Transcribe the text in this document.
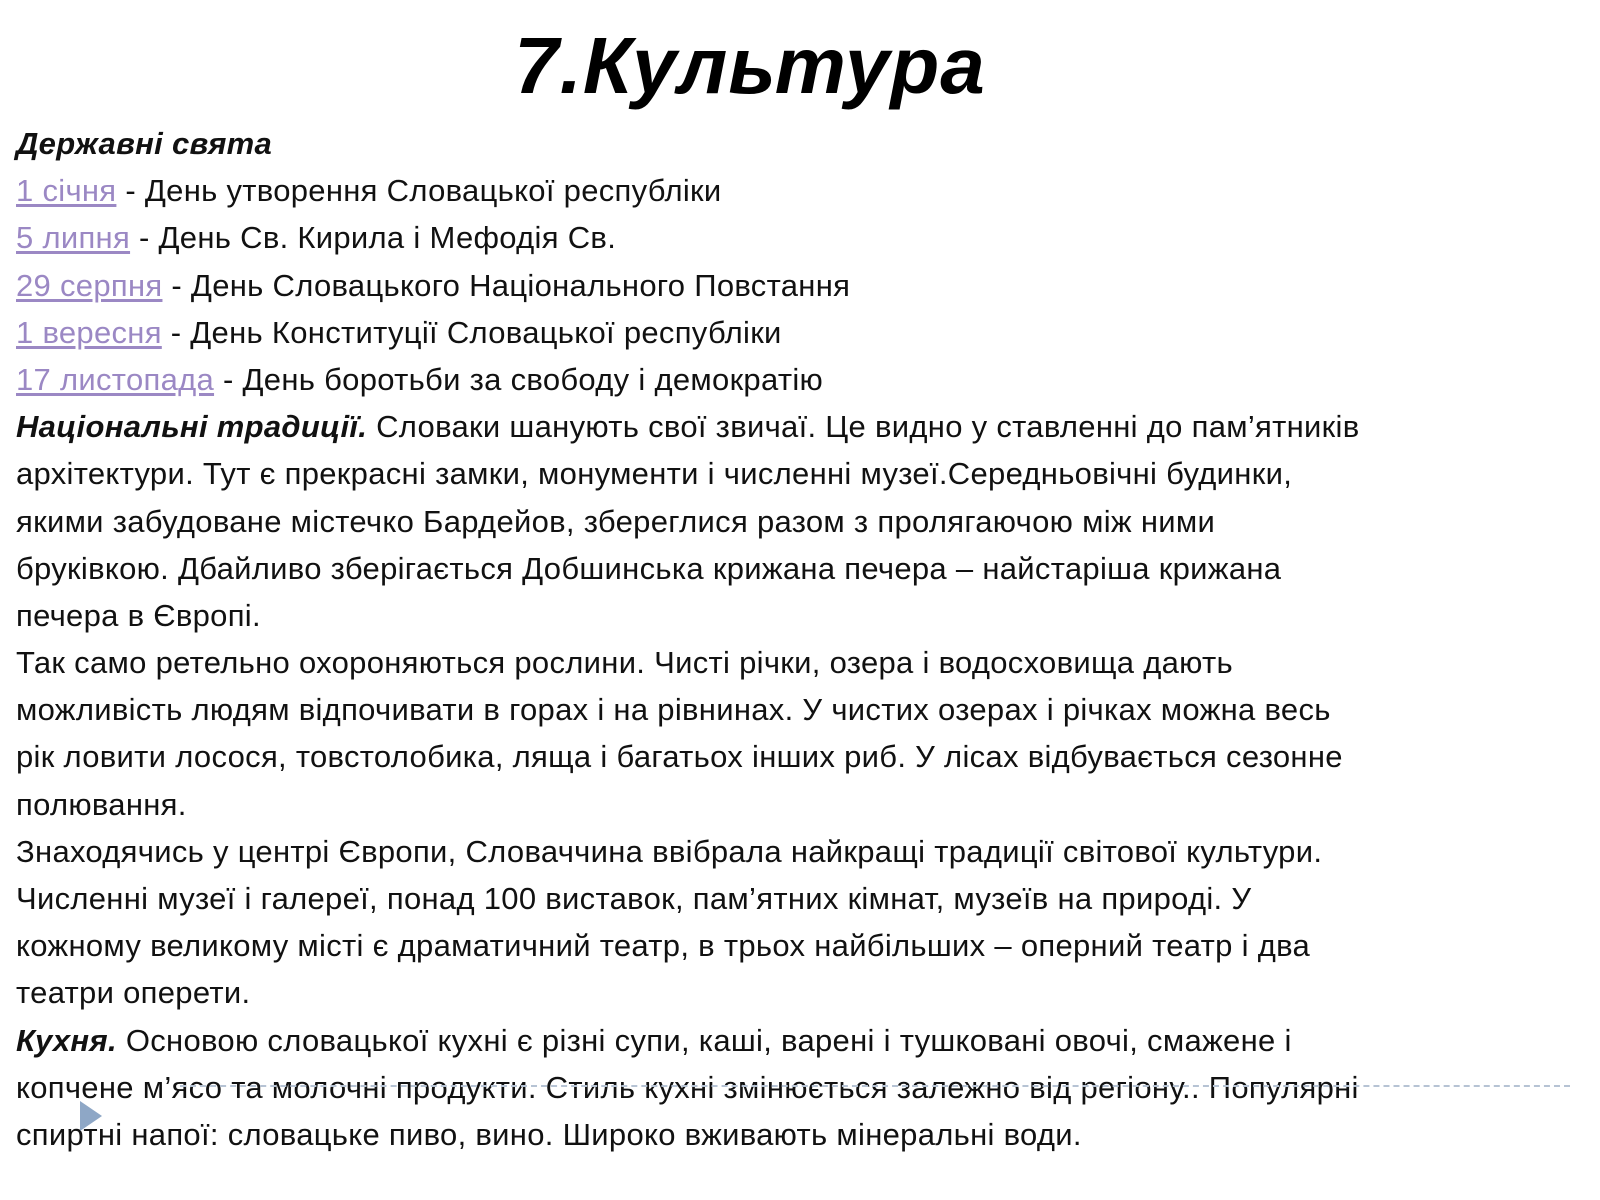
7.Культура
Державні свята
1 січня - День утворення Словацької республіки
5 липня - День Св. Кирила і Мефодія Св.
29 серпня - День Словацького Національного Повстання
1 вересня - День Конституції Словацької республіки
17 листопада - День боротьби за свободу і демократію
Національні традиції. Словаки шанують свої звичаї. Це видно у ставленні до пам’ятників
архітектури. Тут є прекрасні замки, монументи і численні музеї.Середньовічні будинки,
якими забудоване містечко Бардейов, збереглися разом з пролягаючою між ними
бруківкою. Дбайливо зберігається Добшинська крижана печера – найстаріша крижана
печера в Європі.
Так само ретельно охороняються рослини. Чисті річки, озера і водосховища дають
можливість людям відпочивати в горах і на рівнинах. У чистих озерах і річках можна весь
рік ловити лосося, товстолобика, ляща і багатьох інших риб. У лісах відбувається сезонне
полювання.
Знаходячись у центрі Європи, Словаччина ввібрала найкращі традиції світової культури.
Численні музеї і галереї, понад 100 виставок, пам’ятних кімнат, музеїв на природі. У
кожному великому місті є драматичний театр, в трьох найбільших – оперний театр і два
театри оперети.
Кухня. Основою словацької кухні є різні супи, каші, варені і тушковані овочі, смажене і
копчене м’ясо та молочні продукти. Стиль кухні змінюється залежно від регіону.. Популярні
спиртні напої: словацьке пиво, вино. Широко вживають мінеральні води.
